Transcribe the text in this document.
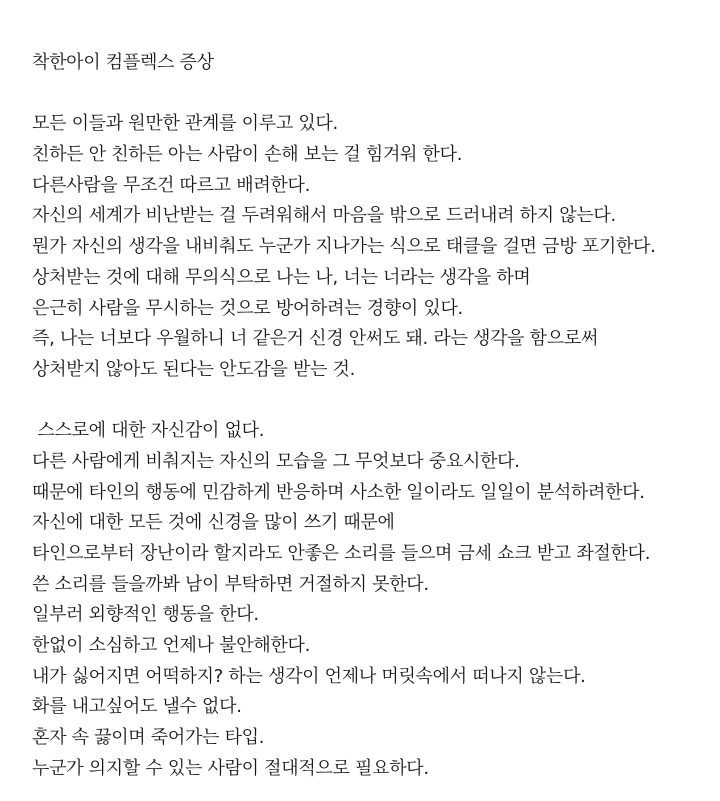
착한아이 컴플렉스 증상
모든 이들과 원만한 관계를 이루고 있다.
친하든 안 친하든 아는 사람이 손해 보는 걸 힘겨워 한다.
다른사람을 무조건 따르고 배려한다.
자신의 세계가 비난받는 걸 두려워해서 마음을 밖으로 드러내려 하지 않는다.
뭔가 자신의 생각을 내비춰도 누군가 지나가는 식으로 태클을 걸면 금방 포기한다.
상처받는 것에 대해 무의식으로 나는 나, 너는 너라는 생각을 하며
은근히 사람을 무시하는 것으로 방어하려는 경향이 있다.
즉, 나는 너보다 우월하니 너 같은거 신경 안써도 돼. 라는 생각을 함으로써
상처받지 않아도 된다는 안도감을 받는 것.
스스로에 대한 자신감이 없다.
다른 사람에게 비춰지는 자신의 모습을 그 무엇보다 중요시한다.
때문에 타인의 행동에 민감하게 반응하며 사소한 일이라도 일일이 분석하려한다.
자신에 대한 모든 것에 신경을 많이 쓰기 때문에
타인으로부터 장난이라 할지라도 안좋은 소리를 들으며 금세 쇼크 받고 좌절한다.
쓴 소리를 들을까봐 남이 부탁하면 거절하지 못한다.
일부러 외향적인 행동을 한다.
한없이 소심하고 언제나 불안해한다.
내가 싫어지면 어떡하지? 하는 생각이 언제나 머릿속에서 떠나지 않는다.
화를 내고싶어도 낼수 없다.
혼자 속 끓이며 죽어가는 타입.
누군가 의지할 수 있는 사람이 절대적으로 필요하다.
